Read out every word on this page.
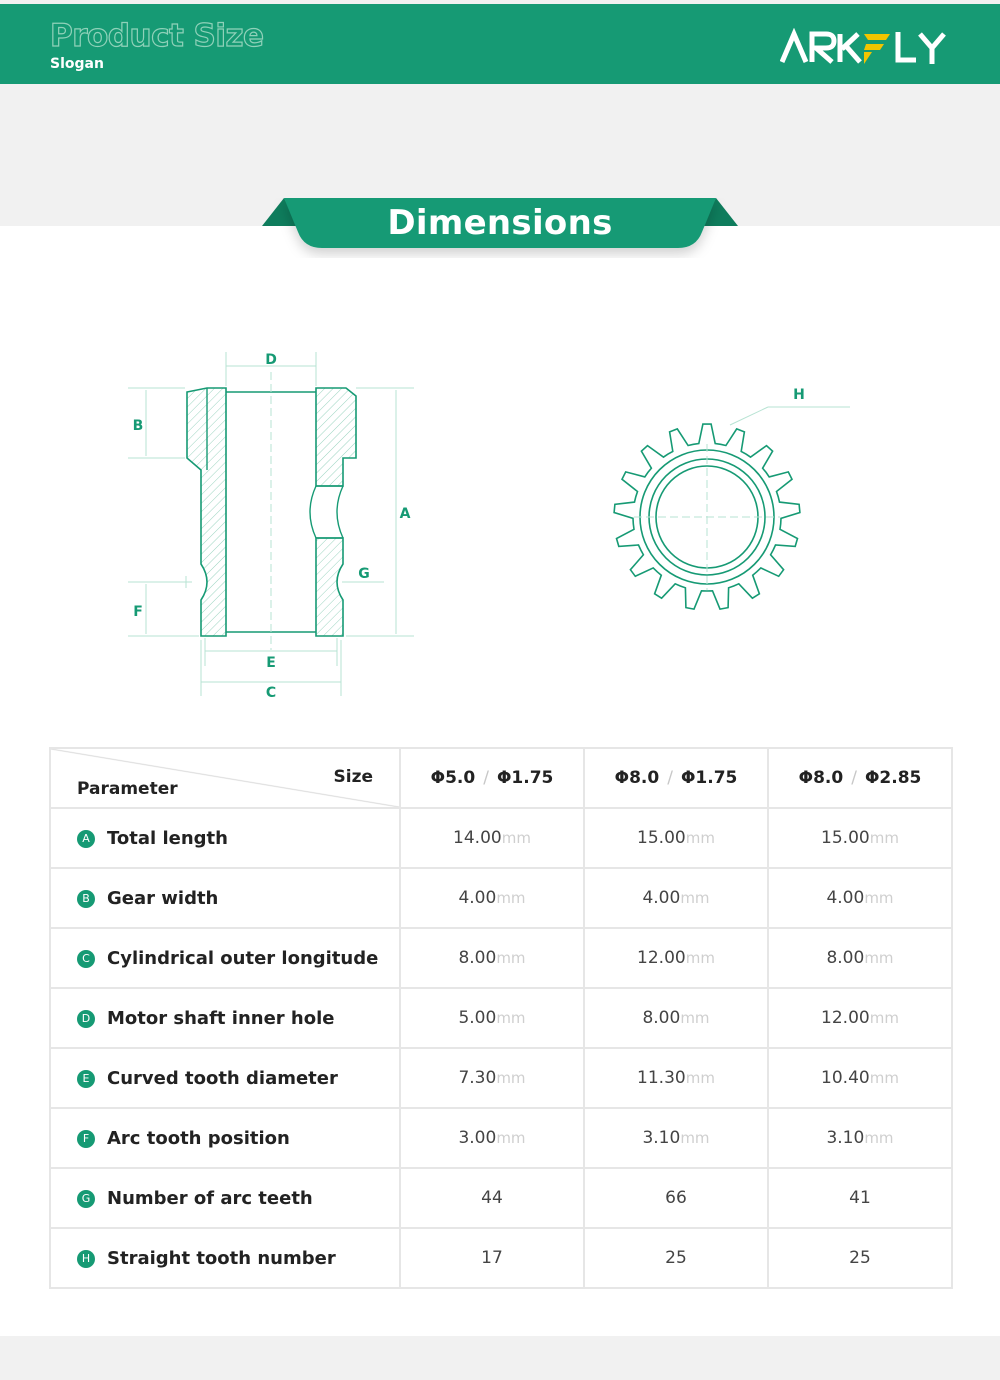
Product Size
Slogan	ARKFLY
Dimensions
D
B
A
G
F
E
C
H
Size
Parameter	Φ5.0 / Φ1.75	Φ8.0 / Φ1.75	Φ8.0 / Φ2.85
A Total length	14.00mm	15.00mm	15.00mm
B Gear width	4.00mm	4.00mm	4.00mm
C Cylindrical outer longitude	8.00mm	12.00mm	8.00mm
D Motor shaft inner hole	5.00mm	8.00mm	12.00mm
E Curved tooth diameter	7.30mm	11.30mm	10.40mm
F Arc tooth position	3.00mm	3.10mm	3.10mm
G Number of arc teeth	44	66	41
H Straight tooth number	17	25	25
